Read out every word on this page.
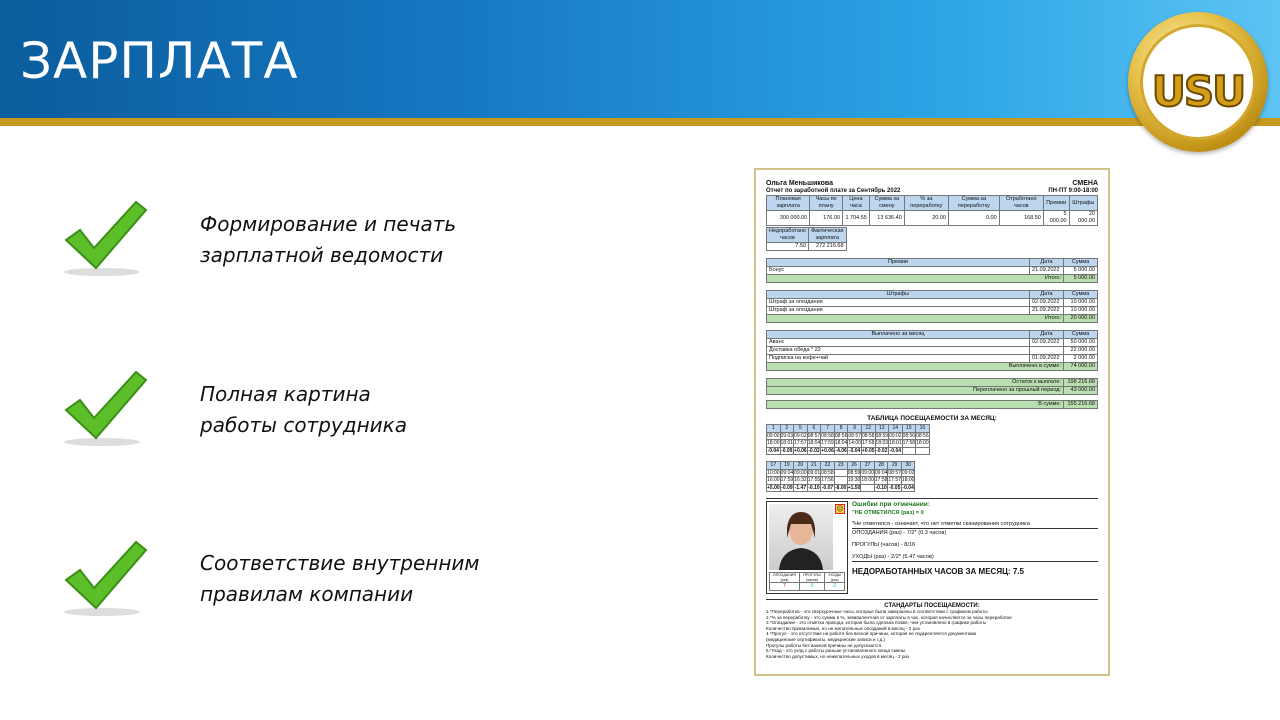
ЗАРПЛАТА
USU
Формирование и печать
зарплатной ведомости
Полная картина
работы сотрудника
Соответствие внутренним
правилам компании
Ольга Меньшикова	СМЕНА
Отчет по заработной плате за Сентябрь 2022	ПН-ПТ 9:00-18:00
Плановая зарплата	Часы по плану	Цена часа	Сумма за смену	% за переработку	Сумма за переработку	Отработано часов	Премии	Штрафы
300 000.00	176.00	1 704.55	13 636.40	20.00	0.00	168.50	5 000.00	20 000.00
Недоработано часов	Фактическая зарплата
7.50	272 216.68
Премии	Дата	Сумма
Бонус	21.09.2022	5 000.00
Итого:		5 000.00
Штрафы	Дата	Сумма
Штраф за опоздания	02.09.2022	10 000.00
Штраф за опоздания	21.09.2022	10 000.00
Итого:		20 000.00
Выплачено за месяц	Дата	Сумма
Аванс	02.09.2022	50 000.00
Доставка обеда * 22		22 000.00
Подписка на кофе+чай	01.09.2022	2 000.00
Выплачено в сумме:		74 000.00
Остаток к выплате:	198 216.68
Переплачено за прошлый период:	43 000.00
В сумме:	155 216.68
ТАБЛИЦА ПОСЕЩАЕМОСТИ ЗА МЕСЯЦ:
1	2	5	6	7	8	9	12	13	14	15	16
09:00	09:03	09:02	08:57	08:58	08:56	08:57	08:58	08:59	09:02	08:56	08:56
18:00	18:01	17:57	18:04	17:59	18:04	14:00	17:58	18:03	18:01	17:58	18:00
-0.04	-0.09	+0.06	-0.02	+0.06	-4.06	-0.04	+0.05	-0.02	-0.04		
17	19	20	21	22	23	26	27	28	29	30
10:00	09:04	09:00	09:01	08:58		08:59	09:00	09:04	08:57	09:02
16:00	17:59	16:32	17:55	17:56		19:30	18:00	17:58	17:57	18:00
+5.00	-0.09	-1.47	-0.10	-0.07	-8.00	+1.50		-0.10	-0.05	-0.04
☹
ОПОЗДАНИЯ (раз)	ПРОГУЛЫ (часов)	УХОДЫ (раз)
7	8	2
Ошибки при отмечании:
"НЕ ОТМЕТИЛСЯ (раз) = 0
*Не отметился - означает, что нет отметки сканирования сотрудника
ОПОЗДАНИЯ (раз) - 7/2* (0.3 часов)
ПРОГУЛЫ (часов) - 8/16
УХОДЫ (раз) - 2/2* (5.47 часов)
НЕДОРАБОТАННЫХ ЧАСОВ ЗА МЕСЯЦ: 7.5
СТАНДАРТЫ ПОСЕЩАЕМОСТИ:
1.*Переработка - это сверхурочные часы, которые были завершены в соответствии с графиком работы
2.*% за переработку - это сумма в %, эквивалентная от зарплаты в час, которая начисляется за часы переработки
3.*Опоздание - это отметка прихода, которая была сделана позже, чем установлено в графике работы
Количество приемлемых, но не желательных опозданий в месяц - 2 раз
4.*Прогул - это отсутствие на работе без веской причины, которая не подкрепляется документами
(медицинские сертификаты, медицинские записи и т.д.)
Прогулы работы без важной причины не допускаются.
5.*Уход - это уход с работы раньше установленного конца смены
Количество допустимых, но нежелательных уходов в месяц - 2 раз
